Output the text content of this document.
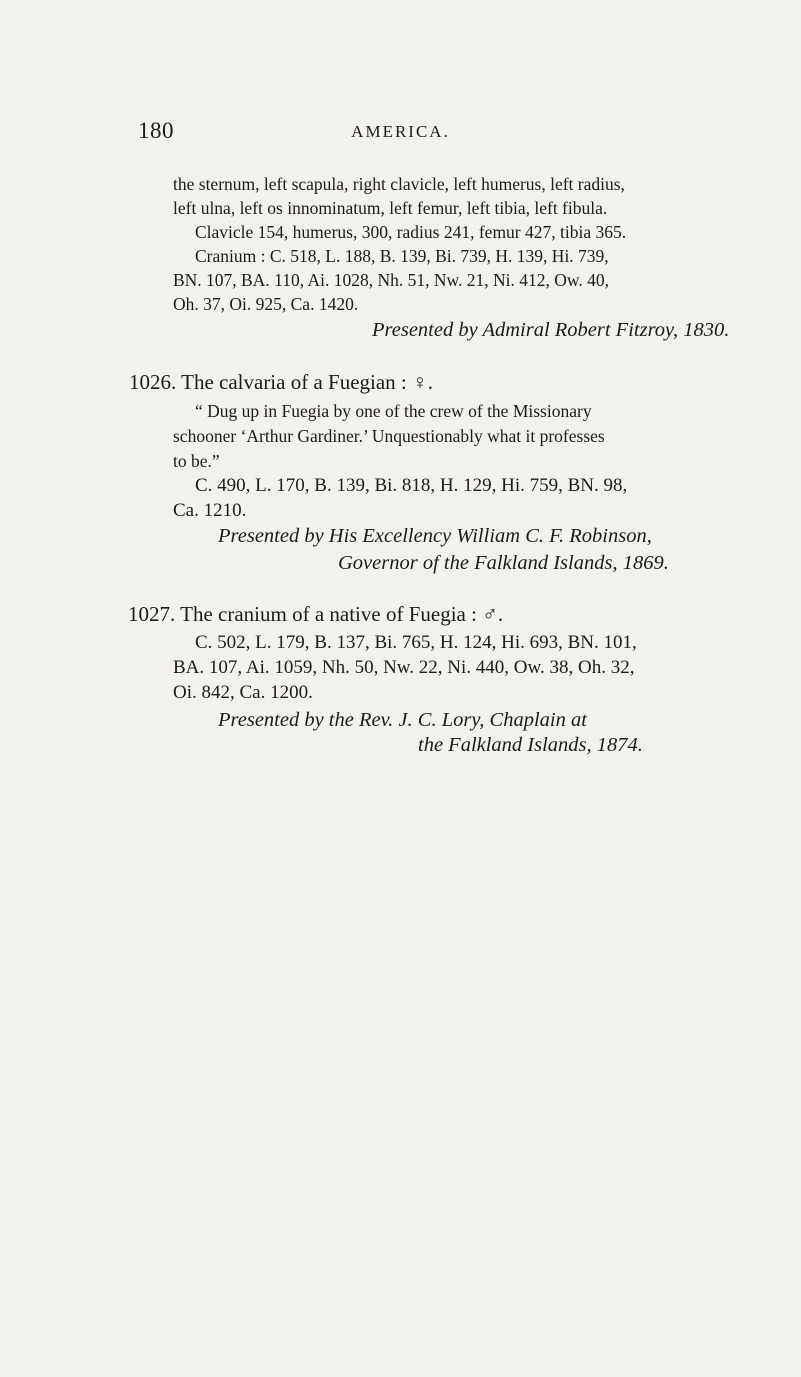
180	AMERICA.
the sternum, left scapula, right clavicle, left humerus, left radius,
left ulna, left os innominatum, left femur, left tibia, left fibula.
Clavicle 154, humerus, 300, radius 241, femur 427, tibia 365.
Cranium : C. 518, L. 188, B. 139, Bi. 739, H. 139, Hi. 739,
BN. 107, BA. 110, Ai. 1028, Nh. 51, Nw. 21, Ni. 412, Ow. 40,
Oh. 37, Oi. 925, Ca. 1420.
Presented by Admiral Robert Fitzroy, 1830.
1026. The calvaria of a Fuegian : ♀.
“ Dug up in Fuegia by one of the crew of the Missionary
schooner ‘Arthur Gardiner.’ Unquestionably what it professes
to be.”
C. 490, L. 170, B. 139, Bi. 818, H. 129, Hi. 759, BN. 98,
Ca. 1210.
Presented by His Excellency William C. F. Robinson,
Governor of the Falkland Islands, 1869.
1027. The cranium of a native of Fuegia : ♂.
C. 502, L. 179, B. 137, Bi. 765, H. 124, Hi. 693, BN. 101,
BA. 107, Ai. 1059, Nh. 50, Nw. 22, Ni. 440, Ow. 38, Oh. 32,
Oi. 842, Ca. 1200.
Presented by the Rev. J. C. Lory, Chaplain at
the Falkland Islands, 1874.
